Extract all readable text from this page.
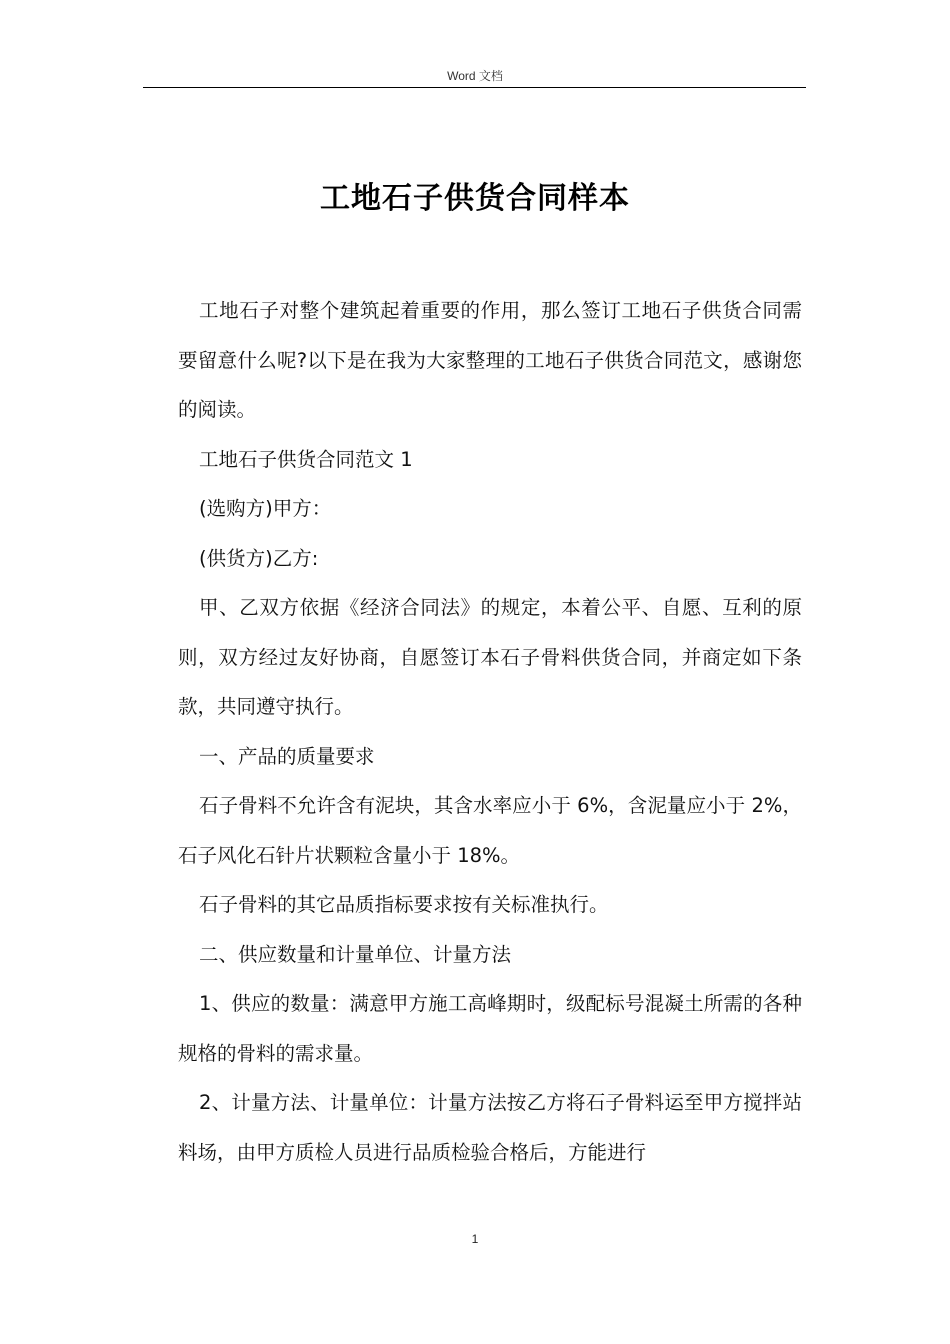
Word 文档
工地石子供货合同样本

工地石子对整个建筑起着重要的作用，那么签订工地石子供货合同需要留意什么呢?以下是在我为大家整理的工地石子供货合同范文，感谢您的阅读。

工地石子供货合同范文 1

(选购方)甲方：

(供货方)乙方:

甲、乙双方依据《经济合同法》的规定，本着公平、自愿、互利的原则，双方经过友好协商，自愿签订本石子骨料供货合同，并商定如下条款，共同遵守执行。

一、产品的质量要求

石子骨料不允许含有泥块，其含水率应小于 6%，含泥量应小于 2%，石子风化石针片状颗粒含量小于 18%。

石子骨料的其它品质指标要求按有关标准执行。

二、供应数量和计量单位、计量方法

1、供应的数量：满意甲方施工高峰期时，级配标号混凝土所需的各种规格的骨料的需求量。

2、计量方法、计量单位：计量方法按乙方将石子骨料运至甲方搅拌站料场，由甲方质检人员进行品质检验合格后，方能进行

1
